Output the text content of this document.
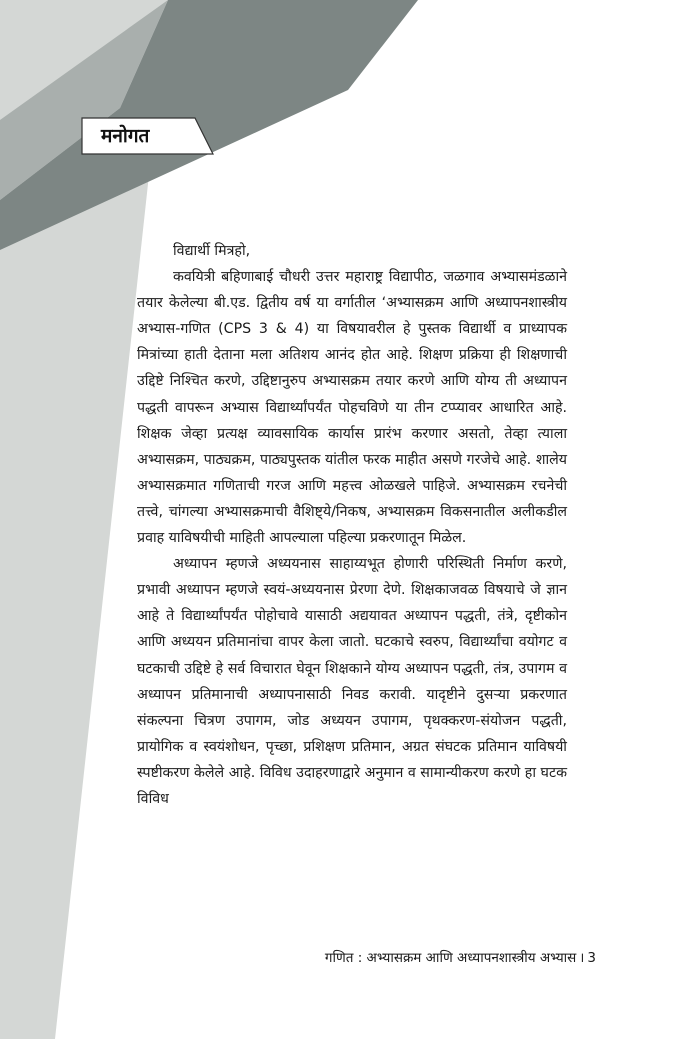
मनोगत

विद्यार्थी मित्रहो,

कवयित्री बहिणाबाई चौधरी उत्तर महाराष्ट्र विद्यापीठ, जळगाव अभ्यासमंडळाने तयार केलेल्या बी.एड. द्वितीय वर्ष या वर्गातील ‘अभ्यासक्रम आणि अध्यापनशास्त्रीय अभ्यास-गणित (CPS 3 & 4) या विषयावरील हे पुस्तक विद्यार्थी व प्राध्यापक मित्रांच्या हाती देताना मला अतिशय आनंद होत आहे. शिक्षण प्रक्रिया ही शिक्षणाची उद्दिष्टे निश्चित करणे, उद्दिष्टानुरुप अभ्यासक्रम तयार करणे आणि योग्य ती अध्यापन पद्धती वापरून अभ्यास विद्यार्थ्यांपर्यंत पोहचविणे या तीन टप्प्यावर आधारित आहे. शिक्षक जेव्हा प्रत्यक्ष व्यावसायिक कार्यास प्रारंभ करणार असतो, तेव्हा त्याला अभ्यासक्रम, पाठ्यक्रम, पाठ्यपुस्तक यांतील फरक माहीत असणे गरजेचे आहे. शालेय अभ्यासक्रमात गणिताची गरज आणि महत्त्व ओळखले पाहिजे. अभ्यासक्रम रचनेची तत्त्वे, चांगल्या अभ्यासक्रमाची वैशिष्ट्ये/निकष, अभ्यासक्रम विकसनातील अलीकडील प्रवाह याविषयीची माहिती आपल्याला पहिल्या प्रकरणातून मिळेल.

अध्यापन म्हणजे अध्ययनास साहाय्यभूत होणारी परिस्थिती निर्माण करणे, प्रभावी अध्यापन म्हणजे स्वयं-अध्ययनास प्रेरणा देणे. शिक्षकाजवळ विषयाचे जे ज्ञान आहे ते विद्यार्थ्यांपर्यंत पोहोचावे यासाठी अद्ययावत अध्यापन पद्धती, तंत्रे, दृष्टीकोन आणि अध्ययन प्रतिमानांचा वापर केला जातो. घटकाचे स्वरुप, विद्यार्थ्यांचा वयोगट व घटकाची उद्दिष्टे हे सर्व विचारात घेवून शिक्षकाने योग्य अध्यापन पद्धती, तंत्र, उपागम व अध्यापन प्रतिमानाची अध्यापनासाठी निवड करावी. यादृष्टीने दुसऱ्या प्रकरणात संकल्पना चित्रण उपागम, जोड अध्ययन उपागम, पृथक्करण-संयोजन पद्धती, प्रायोगिक व स्वयंशोधन, पृच्छा, प्रशिक्षण प्रतिमान, अग्रत संघटक प्रतिमान याविषयी स्पष्टीकरण केलेले आहे. विविध उदाहरणाद्वारे अनुमान व सामान्यीकरण करणे हा घटक विविध

गणित : अभ्यासक्रम आणि अध्यापनशास्त्रीय अभ्यास । 3
